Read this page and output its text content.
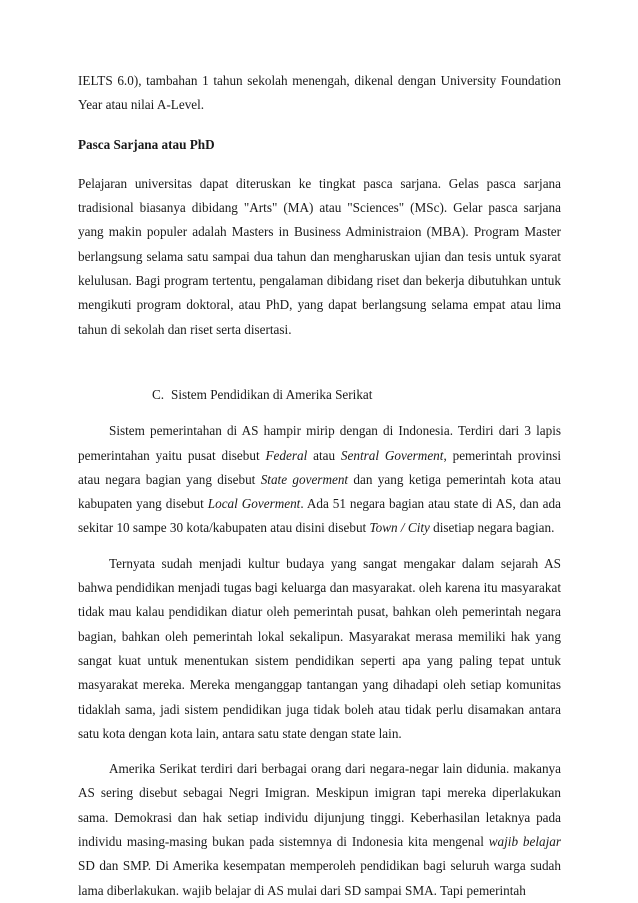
IELTS 6.0), tambahan 1 tahun sekolah menengah, dikenal dengan University Foundation Year atau nilai A-Level.

Pasca Sarjana atau PhD

Pelajaran universitas dapat diteruskan ke tingkat pasca sarjana. Gelas pasca sarjana tradisional biasanya dibidang "Arts" (MA) atau "Sciences" (MSc). Gelar pasca sarjana yang makin populer adalah Masters in Business Administraion (MBA). Program Master berlangsung selama satu sampai dua tahun dan mengharuskan ujian dan tesis untuk syarat kelulusan. Bagi program tertentu, pengalaman dibidang riset dan bekerja dibutuhkan untuk mengikuti program doktoral, atau PhD, yang dapat berlangsung selama empat atau lima tahun di sekolah dan riset serta disertasi.

C. Sistem Pendidikan di Amerika Serikat

Sistem pemerintahan di AS hampir mirip dengan di Indonesia. Terdiri dari 3 lapis pemerintahan yaitu pusat disebut Federal atau Sentral Goverment, pemerintah provinsi atau negara bagian yang disebut State goverment dan yang ketiga pemerintah kota atau kabupaten yang disebut Local Goverment. Ada 51 negara bagian atau state di AS, dan ada sekitar 10 sampe 30 kota/kabupaten atau disini disebut Town / City disetiap negara bagian.

Ternyata sudah menjadi kultur budaya yang sangat mengakar dalam sejarah AS bahwa pendidikan menjadi tugas bagi keluarga dan masyarakat. oleh karena itu masyarakat tidak mau kalau pendidikan diatur oleh pemerintah pusat, bahkan oleh pemerintah negara bagian, bahkan oleh pemerintah lokal sekalipun. Masyarakat merasa memiliki hak yang sangat kuat untuk menentukan sistem pendidikan seperti apa yang paling tepat untuk masyarakat mereka. Mereka menganggap tantangan yang dihadapi oleh setiap komunitas tidaklah sama, jadi sistem pendidikan juga tidak boleh atau tidak perlu disamakan antara satu kota dengan kota lain, antara satu state dengan state lain.

Amerika Serikat terdiri dari berbagai orang dari negara-negar lain didunia. makanya AS sering disebut sebagai Negri Imigran. Meskipun imigran tapi mereka diperlakukan sama. Demokrasi dan hak setiap individu dijunjung tinggi. Keberhasilan letaknya pada individu masing-masing bukan pada sistemnya di Indonesia kita mengenal wajib belajar SD dan SMP. Di Amerika kesempatan memperoleh pendidikan bagi seluruh warga sudah lama diberlakukan. wajib belajar di AS mulai dari SD sampai SMA. Tapi pemerintah
